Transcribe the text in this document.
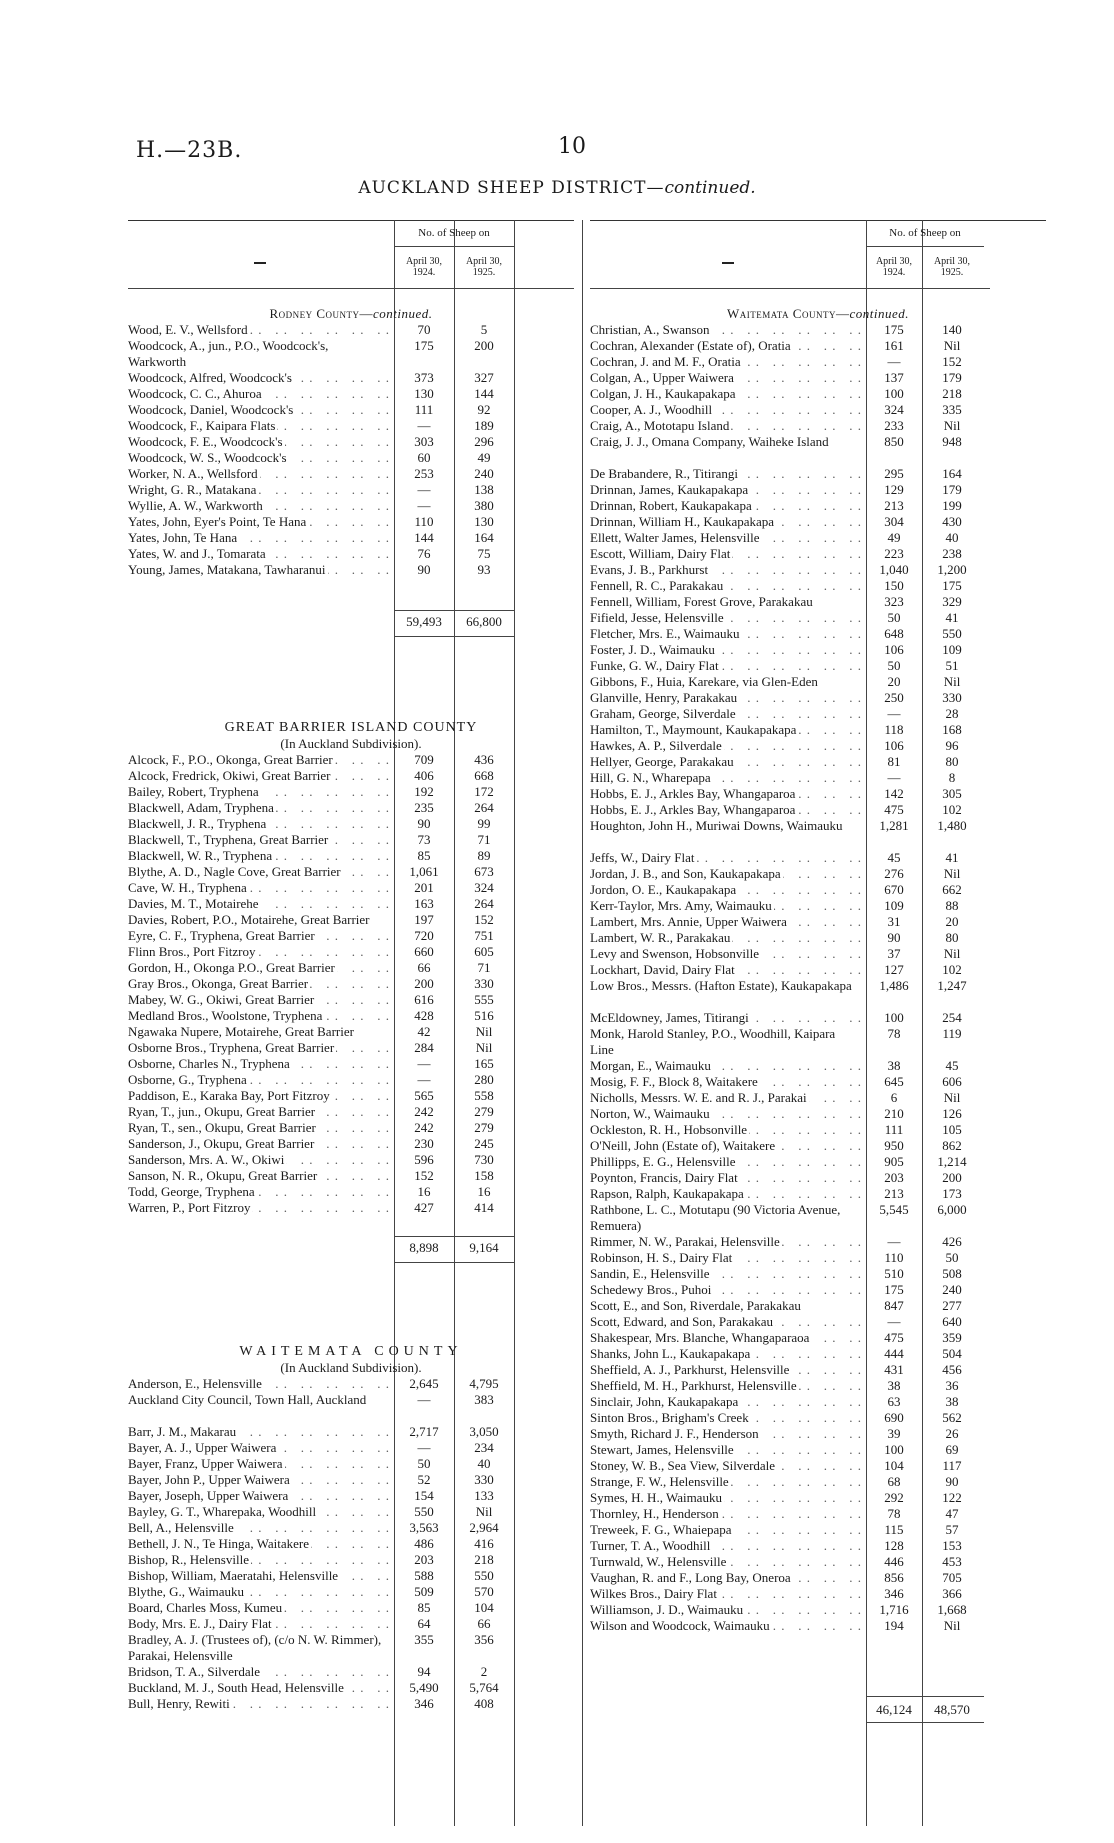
H.—23B.	10
AUCKLAND SHEEP DISTRICT—continued.
No. of Sheep on
April 30, 1924.
April 30, 1925.
Rodney County—continued.
Wood, E. V., Wellsford . .	70	5
Woodcock, A., jun., P.O., Woodcock's, Warkworth
175	200
Woodcock, Alfred, Woodcock's . .	373	327
Woodcock, C. C., Ahuroa . .	130	144
Woodcock, Daniel, Woodcock's . .	111	92
Woodcock, F., Kaipara Flats . .	—	189
Woodcock, F. E., Woodcock's . .	303	296
Woodcock, W. S., Woodcock's . .	60	49
Worker, N. A., Wellsford . .	253	240
Wright, G. R., Matakana . .	—	138
Wyllie, A. W., Warkworth . .	—	380
Yates, John, Eyer's Point, Te Hana . .	110	130
Yates, John, Te Hana . .	144	164
Yates, W. and J., Tomarata . .	76	75
Young, James, Matakana, Tawharanui . .	90	93
59,493	66,800
GREAT BARRIER ISLAND COUNTY
(In Auckland Subdivision).
Alcock, F., P.O., Okonga, Great Barrier . .	709	436
Alcock, Fredrick, Okiwi, Great Barrier . .	406	668
Bailey, Robert, Tryphena . .	192	172
Blackwell, Adam, Tryphena . .	235	264
Blackwell, J. R., Tryphena . .	90	99
Blackwell, T., Tryphena, Great Barrier . .	73	71
Blackwell, W. R., Tryphena . .	85	89
Blythe, A. D., Nagle Cove, Great Barrier . .	1,061	673
Cave, W. H., Tryphena . .	201	324
Davies, M. T., Motairehe . .	163	264
Davies, Robert, P.O., Motairehe, Great Barrier	197	152
Eyre, C. F., Tryphena, Great Barrier . .	720	751
Flinn Bros., Port Fitzroy . .	660	605
Gordon, H., Okonga P.O., Great Barrier . .	66	71
Gray Bros., Okonga, Great Barrier . .	200	330
Mabey, W. G., Okiwi, Great Barrier . .	616	555
Medland Bros., Woolstone, Tryphena . .	428	516
Ngawaka Nupere, Motairehe, Great Barrier	42	Nil
Osborne Bros., Tryphena, Great Barrier . .	284	Nil
Osborne, Charles N., Tryphena . .	—	165
Osborne, G., Tryphena . .	—	280
Paddison, E., Karaka Bay, Port Fitzroy . .	565	558
Ryan, T., jun., Okupu, Great Barrier . .	242	279
Ryan, T., sen., Okupu, Great Barrier . .	242	279
Sanderson, J., Okupu, Great Barrier . .	230	245
Sanderson, Mrs. A. W., Okiwi . .	596	730
Sanson, N. R., Okupu, Great Barrier . .	152	158
Todd, George, Tryphena . .	16	16
Warren, P., Port Fitzroy . .	427	414
8,898	9,164
WAITEMATA COUNTY
(In Auckland Subdivision).
Anderson, E., Helensville . .	2,645	4,795
Auckland City Council, Town Hall, Auckland	—	383
Barr, J. M., Makarau . .	2,717	3,050
Bayer, A. J., Upper Waiwera . .	—	234
Bayer, Franz, Upper Waiwera . .	50	40
Bayer, John P., Upper Waiwera . .	52	330
Bayer, Joseph, Upper Waiwera . .	154	133
Bayley, G. T., Wharepaka, Woodhill . .	550	Nil
Bell, A., Helensville . .	3,563	2,964
Bethell, J. N., Te Hinga, Waitakere . .	486	416
Bishop, R., Helensville . .	203	218
Bishop, William, Maeratahi, Helensville . .	588	550
Blythe, G., Waimauku . .	509	570
Board, Charles Moss, Kumeu . .	85	104
Body, Mrs. E. J., Dairy Flat . .	64	66
Bradley, A. J. (Trustees of), (c/o N. W. Rimmer), Parakai, Helensville
355	356
Bridson, T. A., Silverdale . .	94	2
Buckland, M. J., South Head, Helensville . .	5,490	5,764
Bull, Henry, Rewiti . .	346	408
No. of Sheep on
April 30, 1924.
April 30, 1925.
Waitemata County—continued.
Christian, A., Swanson . .	175	140
Cochran, Alexander (Estate of), Oratia . .	161	Nil
Cochran, J. and M. F., Oratia . .	—	152
Colgan, A., Upper Waiwera . .	137	179
Colgan, J. H., Kaukapakapa . .	100	218
Cooper, A. J., Woodhill . .	324	335
Craig, A., Mototapu Island . .	233	Nil
Craig, J. J., Omana Company, Waiheke Island	850	948
De Brabandere, R., Titirangi . .	295	164
Drinnan, James, Kaukapakapa . .	129	179
Drinnan, Robert, Kaukapakapa . .	213	199
Drinnan, William H., Kaukapakapa . .	304	430
Ellett, Walter James, Helensville . .	49	40
Escott, William, Dairy Flat . .	223	238
Evans, J. B., Parkhurst . .	1,040	1,200
Fennell, R. C., Parakakau . .	150	175
Fennell, William, Forest Grove, Parakakau	323	329
Fifield, Jesse, Helensville . .	50	41
Fletcher, Mrs. E., Waimauku . .	648	550
Foster, J. D., Waimauku . .	106	109
Funke, G. W., Dairy Flat . .	50	51
Gibbons, F., Huia, Karekare, via Glen-Eden	20	Nil
Glanville, Henry, Parakakau . .	250	330
Graham, George, Silverdale . .	—	28
Hamilton, T., Maymount, Kaukapakapa . .	118	168
Hawkes, A. P., Silverdale . .	106	96
Hellyer, George, Parakakau . .	81	80
Hill, G. N., Wharepapa . .	—	8
Hobbs, E. J., Arkles Bay, Whangaparoa . .	142	305
Hobbs, E. J., Arkles Bay, Whangaparoa . .	475	102
Houghton, John H., Muriwai Downs, Waimauku	1,281	1,480
Jeffs, W., Dairy Flat . .	45	41
Jordan, J. B., and Son, Kaukapakapa . .	276	Nil
Jordon, O. E., Kaukapakapa . .	670	662
Kerr-Taylor, Mrs. Amy, Waimauku . .	109	88
Lambert, Mrs. Annie, Upper Waiwera . .	31	20
Lambert, W. R., Parakakau . .	90	80
Levy and Swenson, Hobsonville . .	37	Nil
Lockhart, David, Dairy Flat . .	127	102
Low Bros., Messrs. (Hafton Estate), Kaukapakapa	1,486	1,247
McEldowney, James, Titirangi . .	100	254
Monk, Harold Stanley, P.O., Woodhill, Kaipara Line
78	119
Morgan, E., Waimauku . .	38	45
Mosig, F. F., Block 8, Waitakere . .	645	606
Nicholls, Messrs. W. E. and R. J., Parakai . .	6	Nil
Norton, W., Waimauku . .	210	126
Ockleston, R. H., Hobsonville . .	111	105
O'Neill, John (Estate of), Waitakere . .	950	862
Phillipps, E. G., Helensville . .	905	1,214
Poynton, Francis, Dairy Flat . .	203	200
Rapson, Ralph, Kaukapakapa . .	213	173
Rathbone, L. C., Motutapu (90 Victoria Avenue, Remuera)
5,545	6,000
Rimmer, N. W., Parakai, Helensville . .	—	426
Robinson, H. S., Dairy Flat . .	110	50
Sandin, E., Helensville . .	510	508
Schedewy Bros., Puhoi . .	175	240
Scott, E., and Son, Riverdale, Parakakau	847	277
Scott, Edward, and Son, Parakakau . .	—	640
Shakespear, Mrs. Blanche, Whangaparaoa . .	475	359
Shanks, John L., Kaukapakapa . .	444	504
Sheffield, A. J., Parkhurst, Helensville . .	431	456
Sheffield, M. H., Parkhurst, Helensville . .	38	36
Sinclair, John, Kaukapakapa . .	63	38
Sinton Bros., Brigham's Creek . .	690	562
Smyth, Richard J. F., Henderson . .	39	26
Stewart, James, Helensville . .	100	69
Stoney, W. B., Sea View, Silverdale . .	104	117
Strange, F. W., Helensville . .	68	90
Symes, H. H., Waimauku . .	292	122
Thornley, H., Henderson . .	78	47
Treweek, F. G., Whaiepapa . .	115	57
Turner, T. A., Woodhill . .	128	153
Turnwald, W., Helensville . .	446	453
Vaughan, R. and F., Long Bay, Oneroa . .	856	705
Wilkes Bros., Dairy Flat . .	346	366
Williamson, J. D., Waimauku . .	1,716	1,668
Wilson and Woodcock, Waimauku . .	194	Nil
46,124	48,570
